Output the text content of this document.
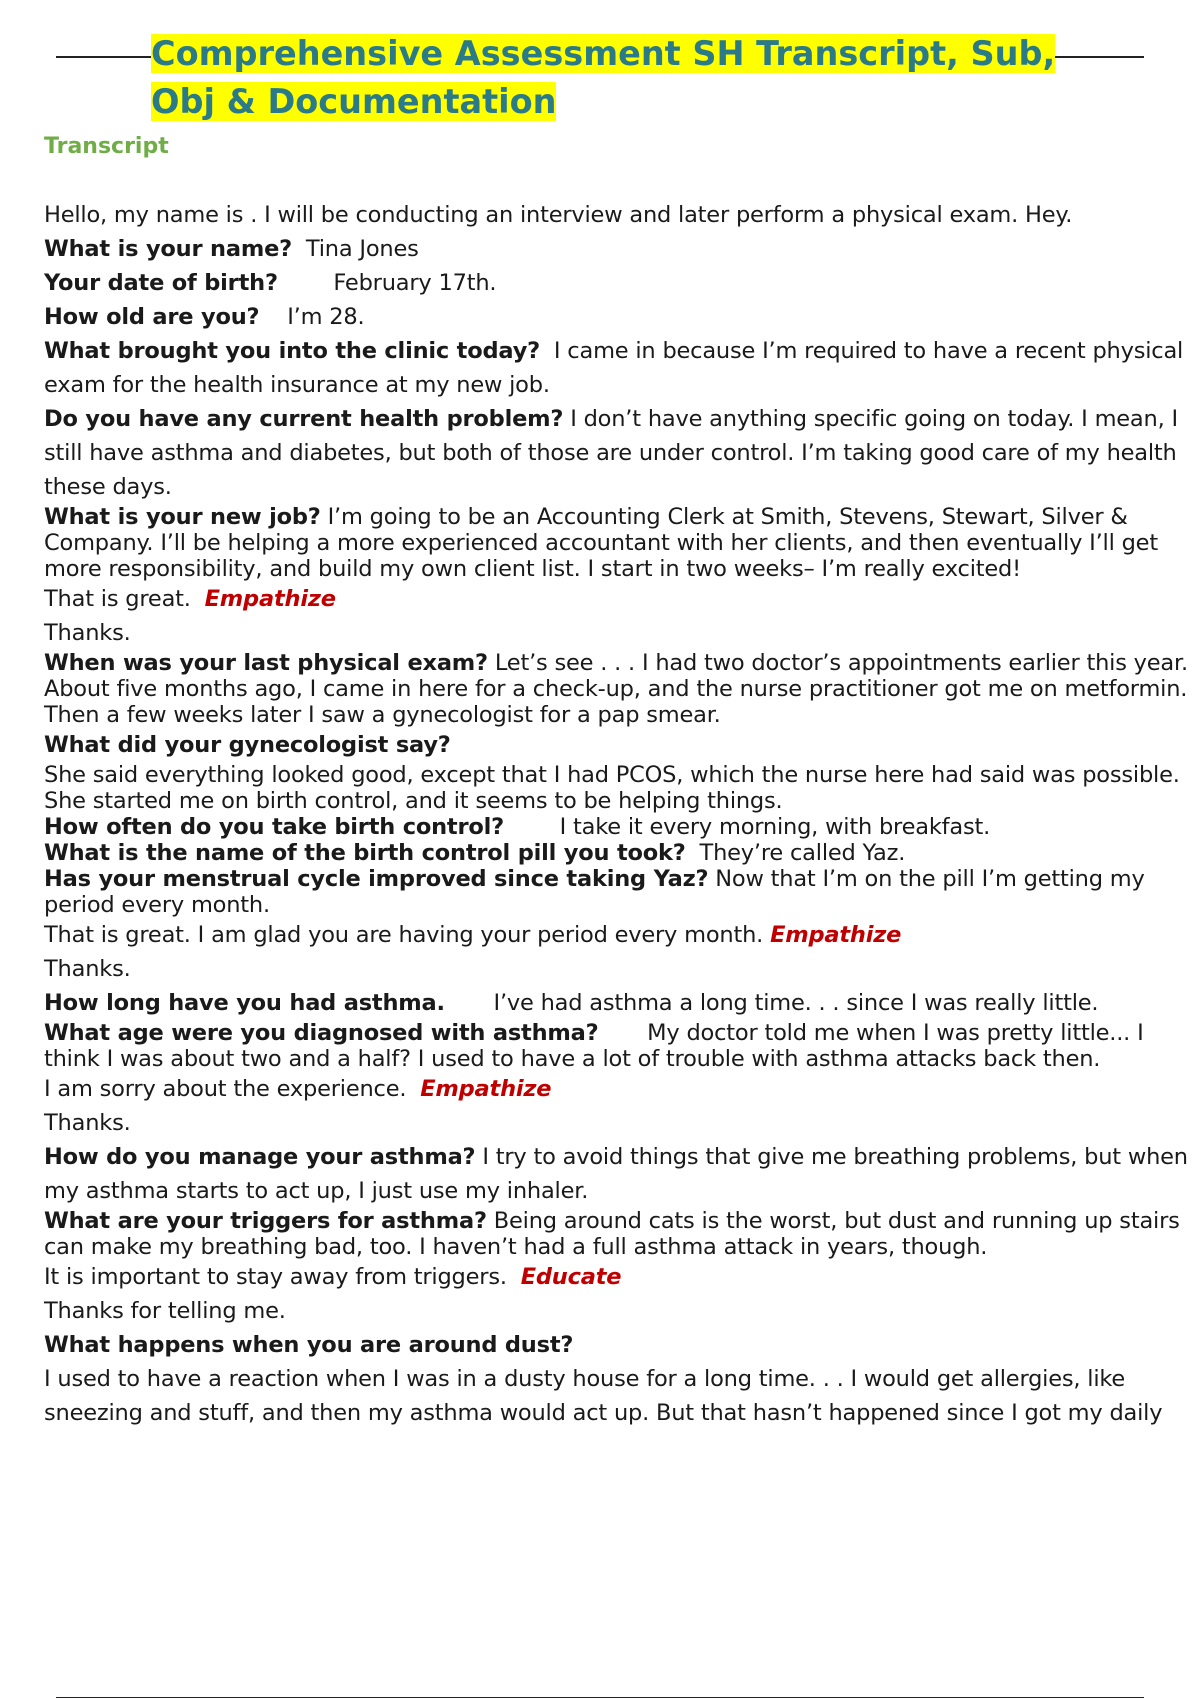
Comprehensive Assessment SH Transcript, Sub, Obj & Documentation
Transcript

Hello, my name is . I will be conducting an interview and later perform a physical exam. Hey.

What is your name?  Tina Jones

Your date of birth?        February 17th.

How old are you?    I’m 28.

What brought you into the clinic today?  I came in because I’m required to have a recent physical exam for the health insurance at my new job.

Do you have any current health problem? I don’t have anything specific going on today. I mean, I still have asthma and diabetes, but both of those are under control. I’m taking good care of my health these days.

What is your new job? I’m going to be an Accounting Clerk at Smith, Stevens, Stewart, Silver & Company. I’ll be helping a more experienced accountant with her clients, and then eventually I’ll get more responsibility, and build my own client list. I start in two weeks– I’m really excited!

That is great.  Empathize

Thanks.

When was your last physical exam? Let’s see . . . I had two doctor’s appointments earlier this year. About five months ago, I came in here for a check-up, and the nurse practitioner got me on metformin. Then a few weeks later I saw a gynecologist for a pap smear.

What did your gynecologist say?

She said everything looked good, except that I had PCOS, which the nurse here had said was possible. She started me on birth control, and it seems to be helping things.

How often do you take birth control?        I take it every morning, with breakfast.

What is the name of the birth control pill you took?  They’re called Yaz.

Has your menstrual cycle improved since taking Yaz? Now that I’m on the pill I’m getting my period every month.

That is great. I am glad you are having your period every month. Empathize

Thanks.

How long have you had asthma.       I’ve had asthma a long time. . . since I was really little.

What age were you diagnosed with asthma?       My doctor told me when I was pretty little... I think I was about two and a half? I used to have a lot of trouble with asthma attacks back then.

I am sorry about the experience.  Empathize

Thanks.

How do you manage your asthma? I try to avoid things that give me breathing problems, but when my asthma starts to act up, I just use my inhaler.

What are your triggers for asthma? Being around cats is the worst, but dust and running up stairs can make my breathing bad, too. I haven’t had a full asthma attack in years, though.

It is important to stay away from triggers.  Educate

Thanks for telling me.

What happens when you are around dust?

I used to have a reaction when I was in a dusty house for a long time. . . I would get allergies, like sneezing and stuff, and then my asthma would act up. But that hasn’t happened since I got my daily
